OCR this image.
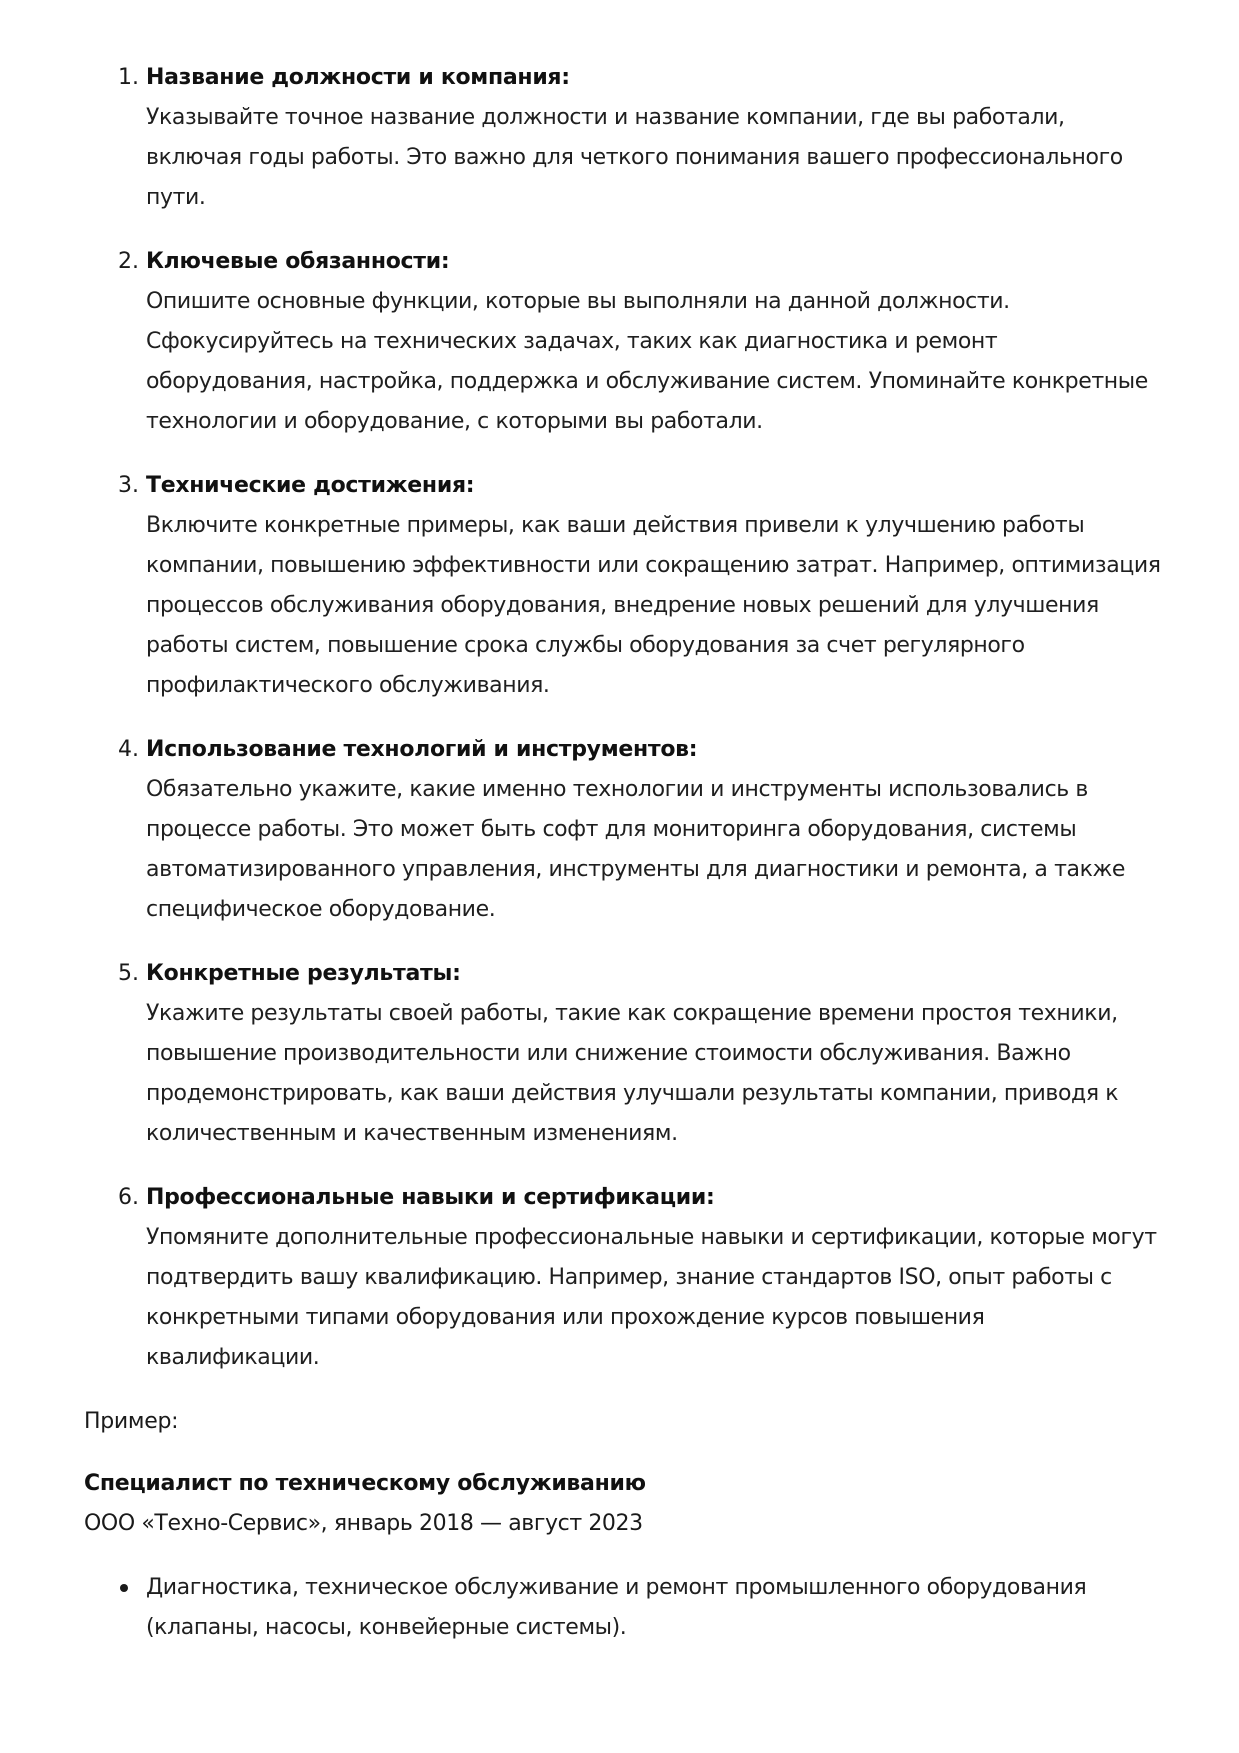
1. Название должности и компания:
Указывайте точное название должности и название компании, где вы работали, включая годы работы. Это важно для четкого понимания вашего профессионального пути.
2. Ключевые обязанности:
Опишите основные функции, которые вы выполняли на данной должности. Сфокусируйтесь на технических задачах, таких как диагностика и ремонт оборудования, настройка, поддержка и обслуживание систем. Упоминайте конкретные технологии и оборудование, с которыми вы работали.
3. Технические достижения:
Включите конкретные примеры, как ваши действия привели к улучшению работы компании, повышению эффективности или сокращению затрат. Например, оптимизация процессов обслуживания оборудования, внедрение новых решений для улучшения работы систем, повышение срока службы оборудования за счет регулярного профилактического обслуживания.
4. Использование технологий и инструментов:
Обязательно укажите, какие именно технологии и инструменты использовались в процессе работы. Это может быть софт для мониторинга оборудования, системы автоматизированного управления, инструменты для диагностики и ремонта, а также специфическое оборудование.
5. Конкретные результаты:
Укажите результаты своей работы, такие как сокращение времени простоя техники, повышение производительности или снижение стоимости обслуживания. Важно продемонстрировать, как ваши действия улучшали результаты компании, приводя к количественным и качественным изменениям.
6. Профессиональные навыки и сертификации:
Упомяните дополнительные профессиональные навыки и сертификации, которые могут подтвердить вашу квалификацию. Например, знание стандартов ISO, опыт работы с конкретными типами оборудования или прохождение курсов повышения квалификации.
Пример:
Специалист по техническому обслуживанию
ООО «Техно-Сервис», январь 2018 — август 2023
Диагностика, техническое обслуживание и ремонт промышленного оборудования (клапаны, насосы, конвейерные системы).
